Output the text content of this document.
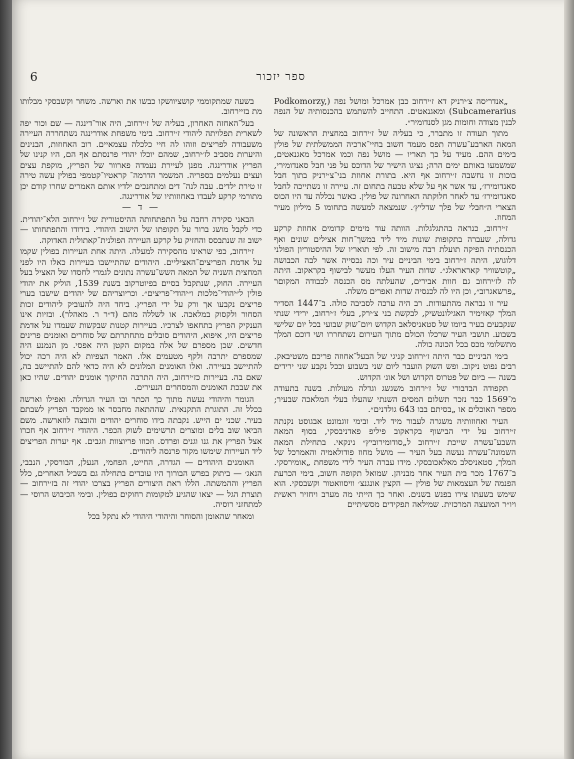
ספר יזכור
6

„אנדריסה צ׳ירניק דא ז׳ירחוב כבן אמרכל ומושל נפה (Podkomorzy, Subcamerarius) ומאגנאטים. התחייב להשתמש בהכנסותיה של הנפה לבנין מצודה וחומות מגן לסנדומיר״.

מתוך תעודה זו מתברר, כי בעליה של ז׳ירחוב במחצית הראשונה של המאה הארבע־עשרה תפס מעמד חשוב בחיי־ארכיה הממשלתית של פולין בימים ההם. מעיד על כך תאריו — מושל נפה וכמו אמרכל מאגנאטים, שמשמעו באותם ימים הרה; נציגו הישיר של הדוכס על פני חבל סאנדומירי, בוכות זו נחשבה ז׳ירחוב אף היא. בתורת אחוזת בני־צ׳ירניק בתוך חבל סאנדומירז׳, עד אשר אף על שלא טבעה בתחום זה. עיירה זו נשתייכה לחבל סאנדומירז׳ עד לאחר חלוקתה האחרונה של פולין. כאשר נכללה עד היו הכוס הצארי ה״חבלי של פלך שדליץ׳. שנמצאה למעשה בתחומו 5 מיליון מעיר המחוז.

ז׳ירחוב, כנראה בהתגלגלות. הוותה עוד מימים קדומים אחוזת קרקע גדולה, שעברה בתקופות שונות מיד ליד במשך־חות אצילים שונים ואף הכנסתיה הפיקה תועלת רבה מישוב זה. לפי תואריו של ההיסטוריון הפולני דלוגוש, היתה ז׳ירחוב בימי הביניים עיר וכה נכסייה אשר לבה הכבושה „קוטשוויר קאראראלג״. שדות העיר העלו מעשר לבישוף בקראקוב. היתה לה לז׳ירחוב גם חוות אבירים, שהעלתה מס הכנסה לכבודה המקוםר „פרשאגרוב״, וכן היו לה לכנסיה שדות ואפרים משלה.

עיר זו נבראה מהתעודות. רב היה ערכה לסביבה כולה. ב־1447 הסדיר המלך קאזימיר האגילונטשיק, לבקשת בני צ׳ירק, בעלי ז׳ירחוב, ירידי שנתי שנקבעים בעיר ביומו של סטאניסלאב הקדוש ויום־שוק שבועי בכל יום שלישי בשבוע. תושבי העיר שרכלו הכולם מתוך העירום נשתחררו ושי דוכם המלך מתשלומי מכס בכל הכונה כולה.

בימי הביניים כבר היתה ז׳ירחוב קניגי של הבעל־אחוזה פריכם משטיבאק. רבים נפוט ניקוב. ופש השוק הועבר ליום שני בשבוע וככל נקבע שני ירידים בשנה — ביום של פטרוס הקדוש ושל אונ׳ הקדוש.

תקפודה הבדבורי של ז׳ירחוב משגשג וגדלה מעולות. בשנה בתעודה מ־1569 כבר נזכר תשלום המסים השנתי שהעלו בעלי המלאכה שבעיר; מספר האוכלים או „בסיתם בבו 643 גולדנים״.

העיר ואחוזותיה משגרה לעבור מיד ליד. ובימי זוגמונט אבגוסט נקנתה ז׳ירחוב על ידי הבישוף בקראקוב פיליפ פאדניבסקי, בסוף המאה השבע־עשרה שייכת ז׳ירחוב ל„סודומירוביץ״ נינקאי. בתחילת המאה השמונה־עשרה נעשה בעל העיר — מושל מחוז פודולאמיה והאמרכל של המלך, סטאניסלב מאלאכובסקי. מידו עברה העיר לידי משפחת „אומירסקי. ב־1767 מכר בית העיר אחד מבניהן. שמואל תקופה חשוב, בימי הכרעת הפנמה של העצמאות של פולין — הקצין אונגנצ׳ וויסוואטור וקשבסקי. הוא שימש בשעתו צירו בפנש בשנים. ואחר כך הייתי מה מערב ויחזיר ראשית ויו״ר המועצה המרכזית. שמילאה תפקידים מסשיתיים

בשעה שמתקוממי קושציוושקו כבשו את וארשה. משחר וקשבסקי מבלותו מת בזיירחוב.

בעל־האחזה האחרון, בעליה של ז׳ירחוב, היה אור־דינגה — שם וכור יפה לשארית תפלויתה ליהודי ז׳ירחוב. בימי משפחת אודרינגה נשתחררה העיירה משעבודה לפריצים וזוהו לה חיי כלכלה עצמאיים. רוב האחוזות, הבנינים והיערות מסביב לז׳ירחוב, שמהם יוכלו יהודי פרנסתם אף הם, היו קנינו של הפריץ אודרינגה. מפנן לעיירת נעמדה פארוור של הפריץ, מוקפת עצים ועצים נעלמים בספריה. המשמר הדרמה־ קראטיו־קטמפי בפולין עשה טירה זו טירת ילדים. עבה לנה־ דים ומתחנכים ילדיו אותם האמרים שחרו קודם יכן מתורמי קרקע לעבדו באחוזותיו של אודרינגה.

— ד —

הבאני סקירה רחבה על התפתחותה ההיסטורית של ז׳ירחוב הלא־יהודית. כדי לקבל מושג ברור על תקופתו של הישוב היהודי. בידודו והתפתחותו — ישוב זה שנתבסס והחזיק על קרקע העיירה הפולנית־קאתולית האדוקה.

ז׳ירחוב, כפי שראינו מהסקירה למעלה. היתה אחת העיירות בפולין שקמו על אדמת הפריצים־האציליים. היהודים שהתיישבו בעיירות כאלו היו לפני המחצית השניה של המאה השש־עשרה נתונים לגמרי לחסדו של האציל בעל העיירה. החוק, שנתקבל בסיים בפיוטרקוב בשנת 1539, הוליק את יהודי פולין ל״יהודי־מלכות ו״יהודי־פריצים״. וכריוצריהם של יהודים שישבו בערי פריצים נקבעו אך ורק על ידי הפריץ. ביחד היה להעוביק ליהודים זכות הסחור ולקסוק במלאכה. או לשללה מהם (ד״ר ר. מאהלר). ובזיות אינו הענקיק הפריץ בתחאפו לצרכיו. בעיירות קטנות שבקשות שעמדו על אדמת פריצים היו, איפוא, היהודים סובלים מתחתרתם של סוחרים ואומנים פרינים חדשים. שכן מספרם של אלה במקום הקטן היה אפסי. מן הנמנע היה שמספרם יתרבה ולקף מטעמים אלו. האמר הצפיות לא היה רכה יכול להתיישב בעיירה. ואלו האומנים המלונים לא היה כדאי להם להתיישב בה, שאם בה. בעיירות כז׳ירחוב, היה התרבה החיקוך אומנים יהודים. שהיו כאן את שבכת האומנים והמסחרים הנעירים.

הגומר והיהודי נעשה מתוך כך הכתר ובו העיר הגדולה. ואפילו וארשה בכלל זה. התוגרת התקנאית. שההתאה מחבסר או ממקבד הפריץ לשבתם בעיר. שכני ים הייש. נקבתה בידו סוחרים יהודים והובצה לוזארשה. משם הביאו שוב בלים ומוצרים תרשימים לשוק הכפר. היהודי ז׳ירחוב אף חכרו אצל הפריץ את גנו וגנים ופרדס. וזכוזו פריוצוות וזגבים. אף יערות הפריצים ליד העיירות שימשו מקור פרנסה ליהודים.

האומנים היהודים — הגדרה, החייט, הפחמי, הנעלן, הבורסקי, הנבבי, הנאג׳ — ביתוק בפרש הבורוך היו עובדים בתחילה גם בשביל האחרים, כלל הפריץ וההמשתה. הללו ראת היצורים הפריץ בצרכו יהודי זה בז׳ירחוב — תוצרת הגל — יצאו שהגיע למקומות רחוקים בפולין. ובימי הכיבוש הרוסי — למתחזני רוסיה.

ומאחר שהאומן והסוחר והיהודי היהודי לא נתקל בכל
